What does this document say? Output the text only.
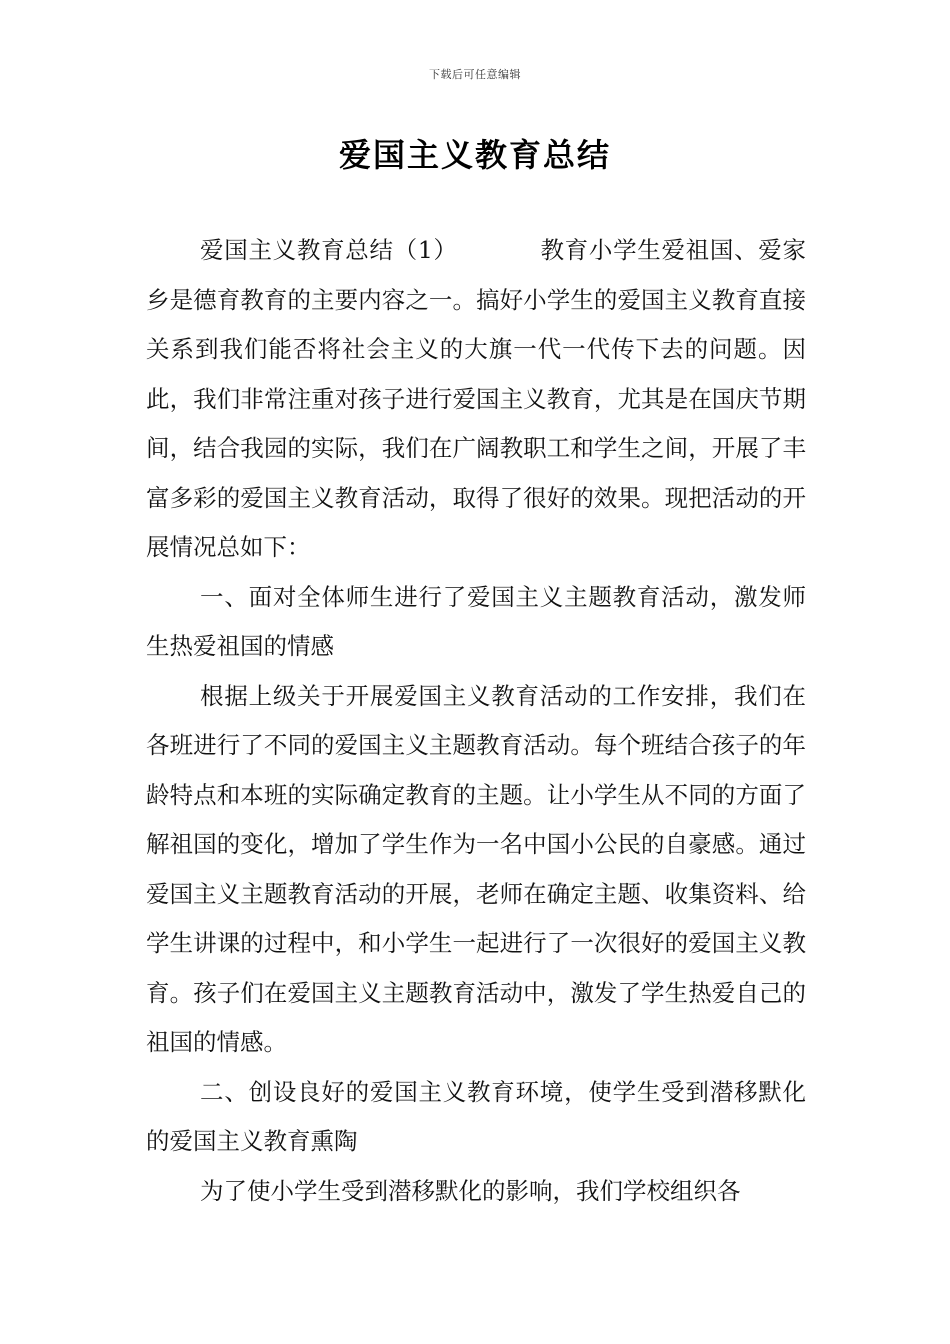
下载后可任意编辑
爱国主义教育总结

爱国主义教育总结（1）	教育小学生爱祖国、爱家乡是德育教育的主要内容之一。搞好小学生的爱国主义教育直接关系到我们能否将社会主义的大旗一代一代传下去的问题。因此，我们非常注重对孩子进行爱国主义教育，尤其是在国庆节期间，结合我园的实际，我们在广阔教职工和学生之间，开展了丰富多彩的爱国主义教育活动，取得了很好的效果。现把活动的开展情况总如下：

一、面对全体师生进行了爱国主义主题教育活动，激发师生热爱祖国的情感

根据上级关于开展爱国主义教育活动的工作安排，我们在各班进行了不同的爱国主义主题教育活动。每个班结合孩子的年龄特点和本班的实际确定教育的主题。让小学生从不同的方面了解祖国的变化，增加了学生作为一名中国小公民的自豪感。通过爱国主义主题教育活动的开展，老师在确定主题、收集资料、给学生讲课的过程中，和小学生一起进行了一次很好的爱国主义教育。孩子们在爱国主义主题教育活动中，激发了学生热爱自己的祖国的情感。

二、创设良好的爱国主义教育环境，使学生受到潜移默化的爱国主义教育熏陶

为了使小学生受到潜移默化的影响，我们学校组织各
